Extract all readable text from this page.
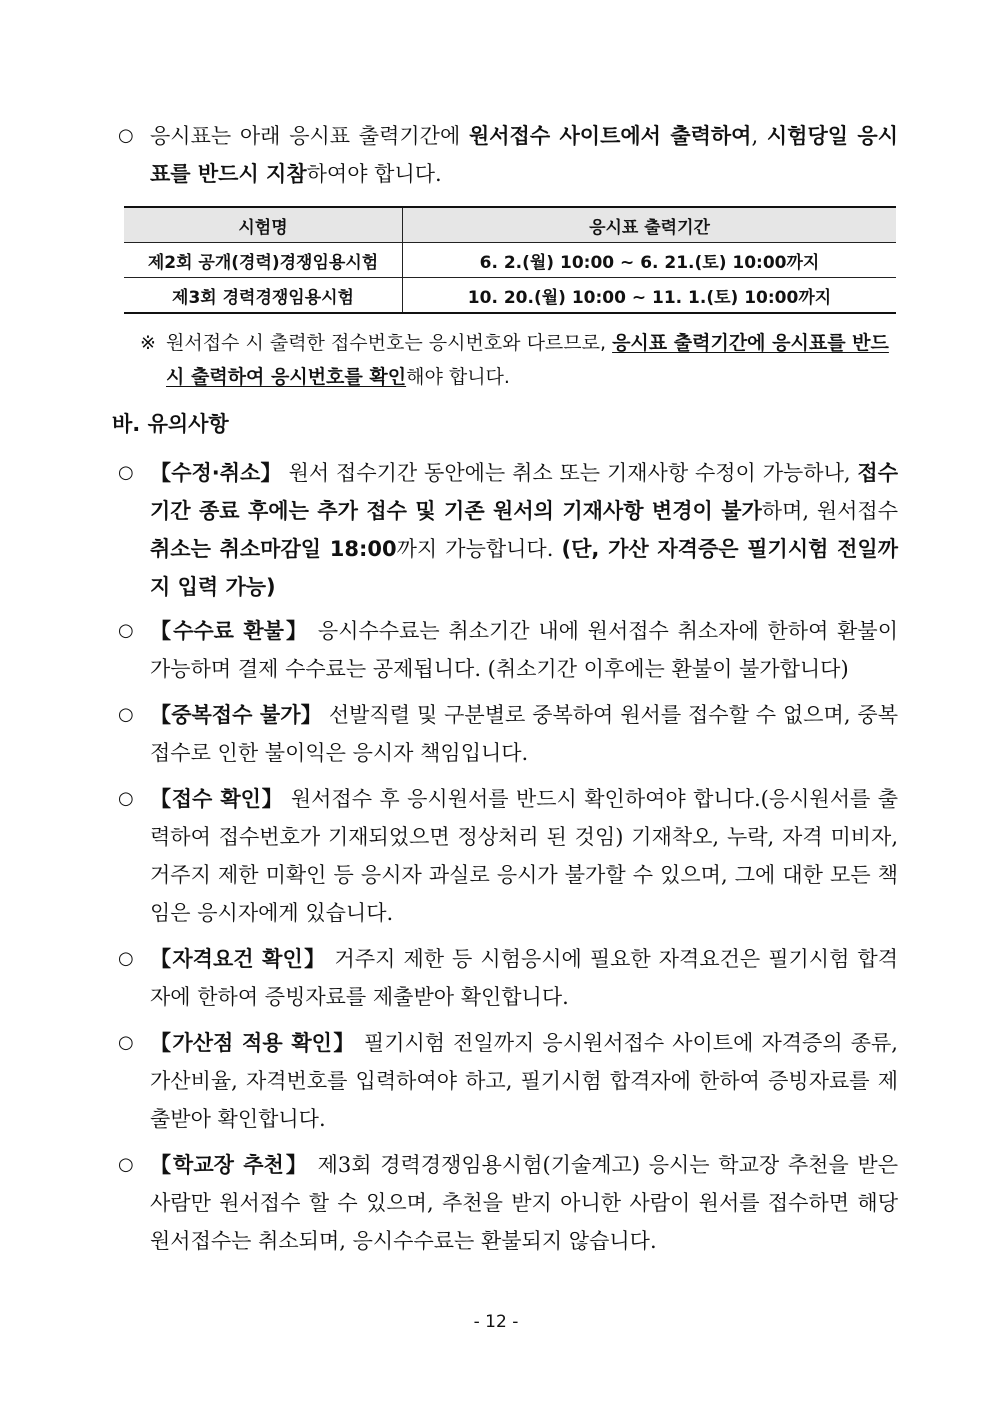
○ 응시표는 아래 응시표 출력기간에 원서접수 사이트에서 출력하여, 시험당일 응시표를 반드시 지참하여야 합니다.
시험명	응시표 출력기간
제2회 공개(경력)경쟁임용시험	6. 2.(월) 10:00 ~ 6. 21.(토) 10:00까지
제3회 경력경쟁임용시험	10. 20.(월) 10:00 ~ 11. 1.(토) 10:00까지
※ 원서접수 시 출력한 접수번호는 응시번호와 다르므로, 응시표 출력기간에 응시표를 반드시 출력하여 응시번호를 확인해야 합니다.
바. 유의사항
○ 【수정·취소】 원서 접수기간 동안에는 취소 또는 기재사항 수정이 가능하나, 접수기간 종료 후에는 추가 접수 및 기존 원서의 기재사항 변경이 불가하며, 원서접수 취소는 취소마감일 18:00까지 가능합니다. (단, 가산 자격증은 필기시험 전일까지 입력 가능)
○ 【수수료 환불】 응시수수료는 취소기간 내에 원서접수 취소자에 한하여 환불이 가능하며 결제 수수료는 공제됩니다. (취소기간 이후에는 환불이 불가합니다)
○ 【중복접수 불가】 선발직렬 및 구분별로 중복하여 원서를 접수할 수 없으며, 중복접수로 인한 불이익은 응시자 책임입니다.
○ 【접수 확인】 원서접수 후 응시원서를 반드시 확인하여야 합니다.(응시원서를 출력하여 접수번호가 기재되었으면 정상처리 된 것임) 기재착오, 누락, 자격 미비자, 거주지 제한 미확인 등 응시자 과실로 응시가 불가할 수 있으며, 그에 대한 모든 책임은 응시자에게 있습니다.
○ 【자격요건 확인】 거주지 제한 등 시험응시에 필요한 자격요건은 필기시험 합격자에 한하여 증빙자료를 제출받아 확인합니다.
○ 【가산점 적용 확인】 필기시험 전일까지 응시원서접수 사이트에 자격증의 종류, 가산비율, 자격번호를 입력하여야 하고, 필기시험 합격자에 한하여 증빙자료를 제출받아 확인합니다.
○ 【학교장 추천】 제3회 경력경쟁임용시험(기술계고) 응시는 학교장 추천을 받은 사람만 원서접수 할 수 있으며, 추천을 받지 아니한 사람이 원서를 접수하면 해당 원서접수는 취소되며, 응시수수료는 환불되지 않습니다.
- 12 -
